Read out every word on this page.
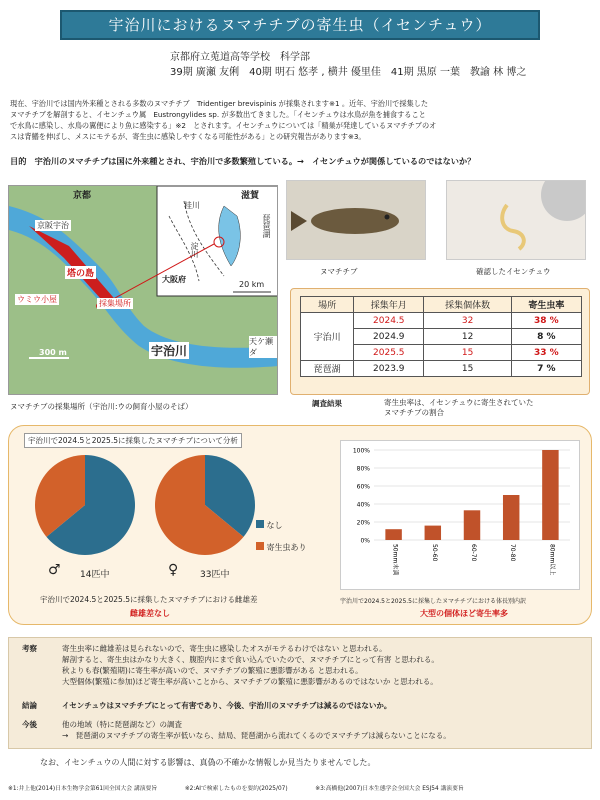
宇治川におけるヌマチチブの寄生虫（イセンチュウ）
京都府立莵道高等学校　科学部
39期 廣瀬 友俐　40期 明石 悠孝 , 横井 優里佳　41期 黒原 一葉　教諭 林 博之
現在、宇治川では国内外来種とされる多数のヌマチチブ　Tridentiger brevispinis が採集されます※1 。近年、宇治川で採集した
ヌマチチブを解剖すると、イセンチュウ属　Eustrongylides sp. が多数出てきました。「イセンチュウは水鳥が魚を捕食すること
で水鳥に感染し、水鳥の翼便により魚に感染する」※2　とされます。イセンチュウについては「精巣が発達しているヌマチチブのオ
スは背鰭を伸ばし、メスにモテるが、寄生虫に感染しやすくなる可能性がある」との研究報告があります※3。
目的　宇治川のヌマチチブは国に外来種とされ、宇治川で多数繁殖している。→　イセンチュウが関係しているのではないか？
京都
京阪宇治
塔の島
ウミウ小屋	採集場所
300 m	宇治川
天ケ瀬ダ
滋賀
琵琶湖
桂川
淀川
大阪府
20 km
ヌマチチブの採集場所（宇治川:ウの飼育小屋のそば）
ヌマチチブ	確認したイセンチュウ
場所	採集年月	採集個体数	寄生虫率
宇治川	2024.5	32	38 %
	2024.9	12	8 %
	2025.5	15	33 %
琵琶湖	2023.9	15	7 %
調査結果	寄生虫率は、イセンチュウに寄生されていた
ヌマチチブの割合
宇治川で2024.5と2025.5に採集したヌマチチブについて分析
なし
寄生虫あり
♂ 14匹中	♀ 33匹中
宇治川で2024.5と2025.5に採集したヌマチチブにおける雌雄差
雌雄差なし
0%
20%
40%
60%
80%
100%
50mm未満	50-60	60-70	70-80	80mm以上
宇治川で2024.5と2025.5に採集したヌマチチブにおける体長別内訳
大型の個体ほど寄生率多
考察	寄生虫率に雌雄差は見られないので、寄生虫に感染したオスがモテるわけではない と思われる。
解剖すると、寄生虫はかなり大きく、腹腔内にまで食い込んでいたので、ヌマチチブにとって有害 と思われる。
秋よりも春(繁殖期)に寄生率が高いので、ヌマチチブの繁殖に悪影響がある と思われる。
大型個体(繁殖に参加)ほど寄生率が高いことから、ヌマチチブの繁殖に悪影響があるのではないか と思われる。
結論	イセンチュウはヌマチチブにとって有害であり、今後、宇治川のヌマチチブは減るのではないか。
今後	他の地域（特に琵琶湖など）の調査
→　琵琶湖のヌマチチブの寄生率が低いなら、結局、琵琶湖から流れてくるのでヌマチチブは減らないことになる。
なお、イセンチュウの人間に対する影響は、真偽の不確かな情報しか見当たりませんでした。
※1:井上他(2014)日本生物学会第61回全国大会 講演要旨	※2:AIで検索したものを要約(2025/07)	※3:高橋他(2007)日本生態学会全国大会 ESJ54 講演要旨
